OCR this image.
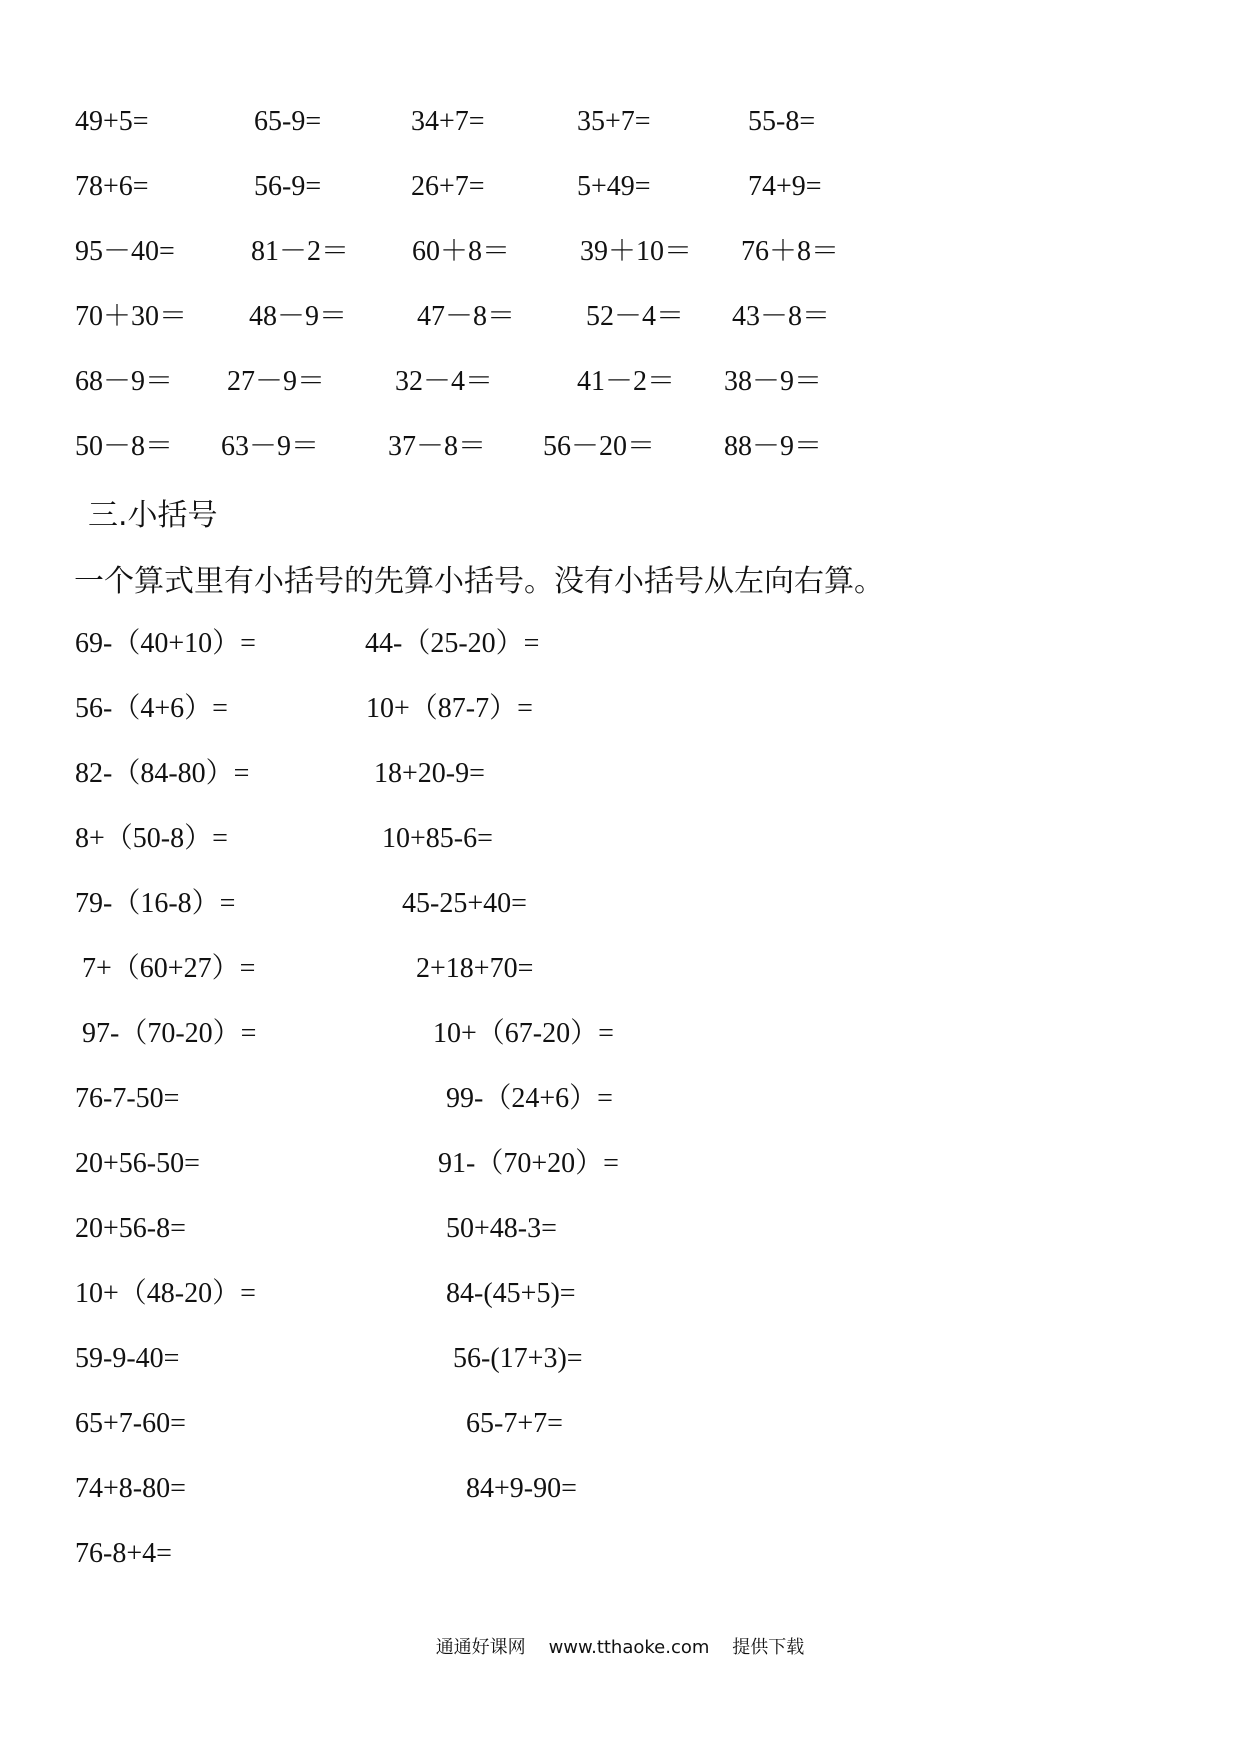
49+5=	65-9=	34+7=	35+7=	55-8=
78+6=	56-9=	26+7=	5+49=	74+9=
95－40=	81－2＝ 60＋8＝ 39＋10＝ 76＋8＝
70＋30＝ 48－9＝ 47－8＝	52－4＝ 43－8＝
68－9＝ 27－9＝ 32－4＝	41－2＝ 38－9＝
50－8＝ 63－9＝ 37－8＝ 56－20＝ 88－9＝
三.小括号
一个算式里有小括号的先算小括号。没有小括号从左向右算。
69-（40+10）=	44-（25-20）=
56-（4+6）=	10+（87-7）=
82-（84-80）=	18+20-9=
8+（50-8）=	10+85-6=
79-（16-8）=	45-25+40=
7+（60+27）=	2+18+70=
97-（70-20）=	10+（67-20）=
76-7-50=	99-（24+6）=
20+56-50=	91-（70+20）=
20+56-8=	50+48-3=
10+（48-20）=	84-(45+5)=
59-9-40=	56-(17+3)=
65+7-60=	65-7+7=
74+8-80=	84+9-90=
76-8+4=
通通好课网 www.tthaoke.com 提供下载
